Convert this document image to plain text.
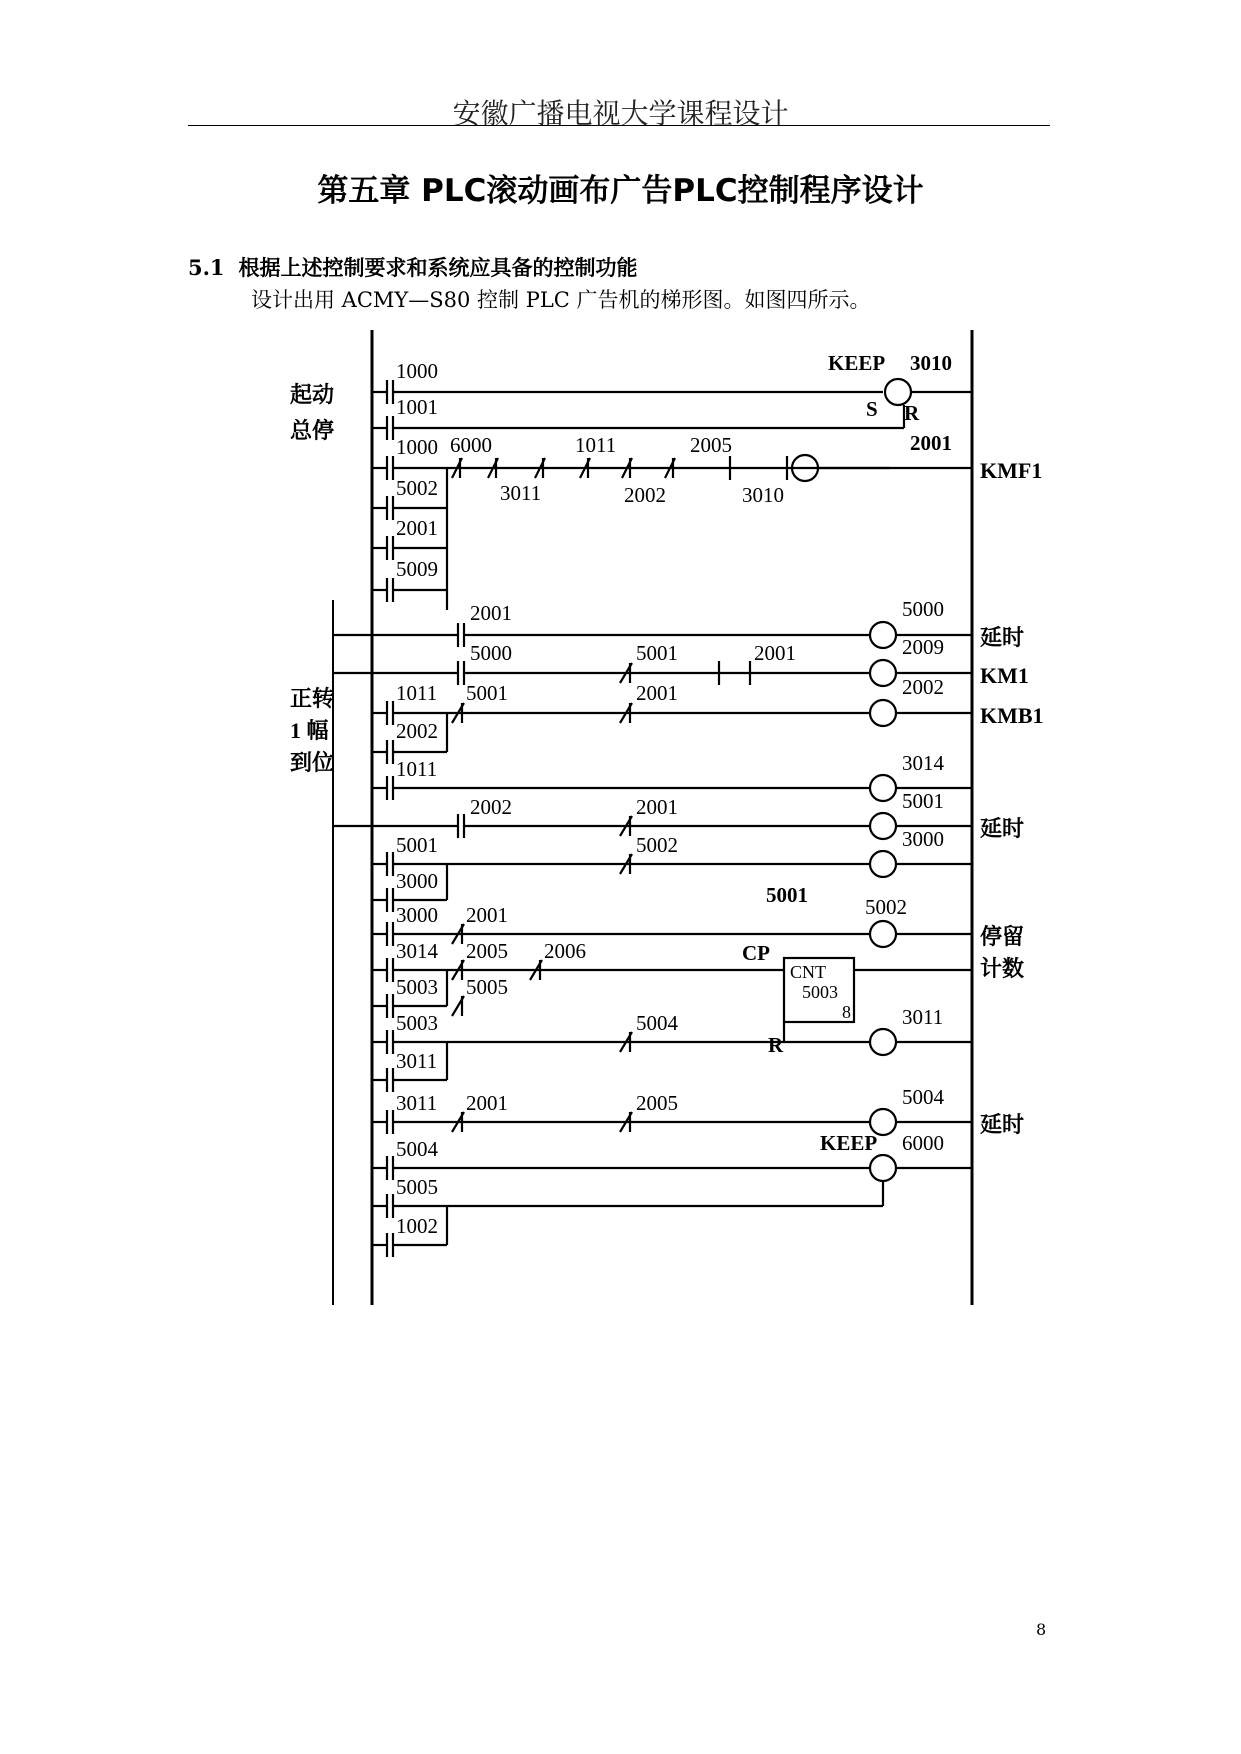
安徽广播电视大学课程设计
第五章 PLC滚动画布广告PLC控制程序设计
5.1 根据上述控制要求和系统应具备的控制功能
设计出用 ACMY—S80 控制 PLC 广告机的梯形图。如图四所示。
起动
总停
正转
1 幅
到位
KMF1
延时
KM1
KMB1
延时
停留
计数
延时
1000
1001
1000
5002
2001
5009
6000
3011
1011
2002
2005
3010
2001
5000	5001	2001
1011
2002
5001	2001
1011
2002	2001
5001
3000
5002
3000
3014
5003
5003
3011
2001
2005
5005
2006
5004
3011 2001	2005
5004
5005
1002
3010
2001
5000
2009
2002
3014
5001
3000
5002
3011
5004
6000
KEEP
S R
KEEP
CP
R
5001
CNT
5003
8
8
